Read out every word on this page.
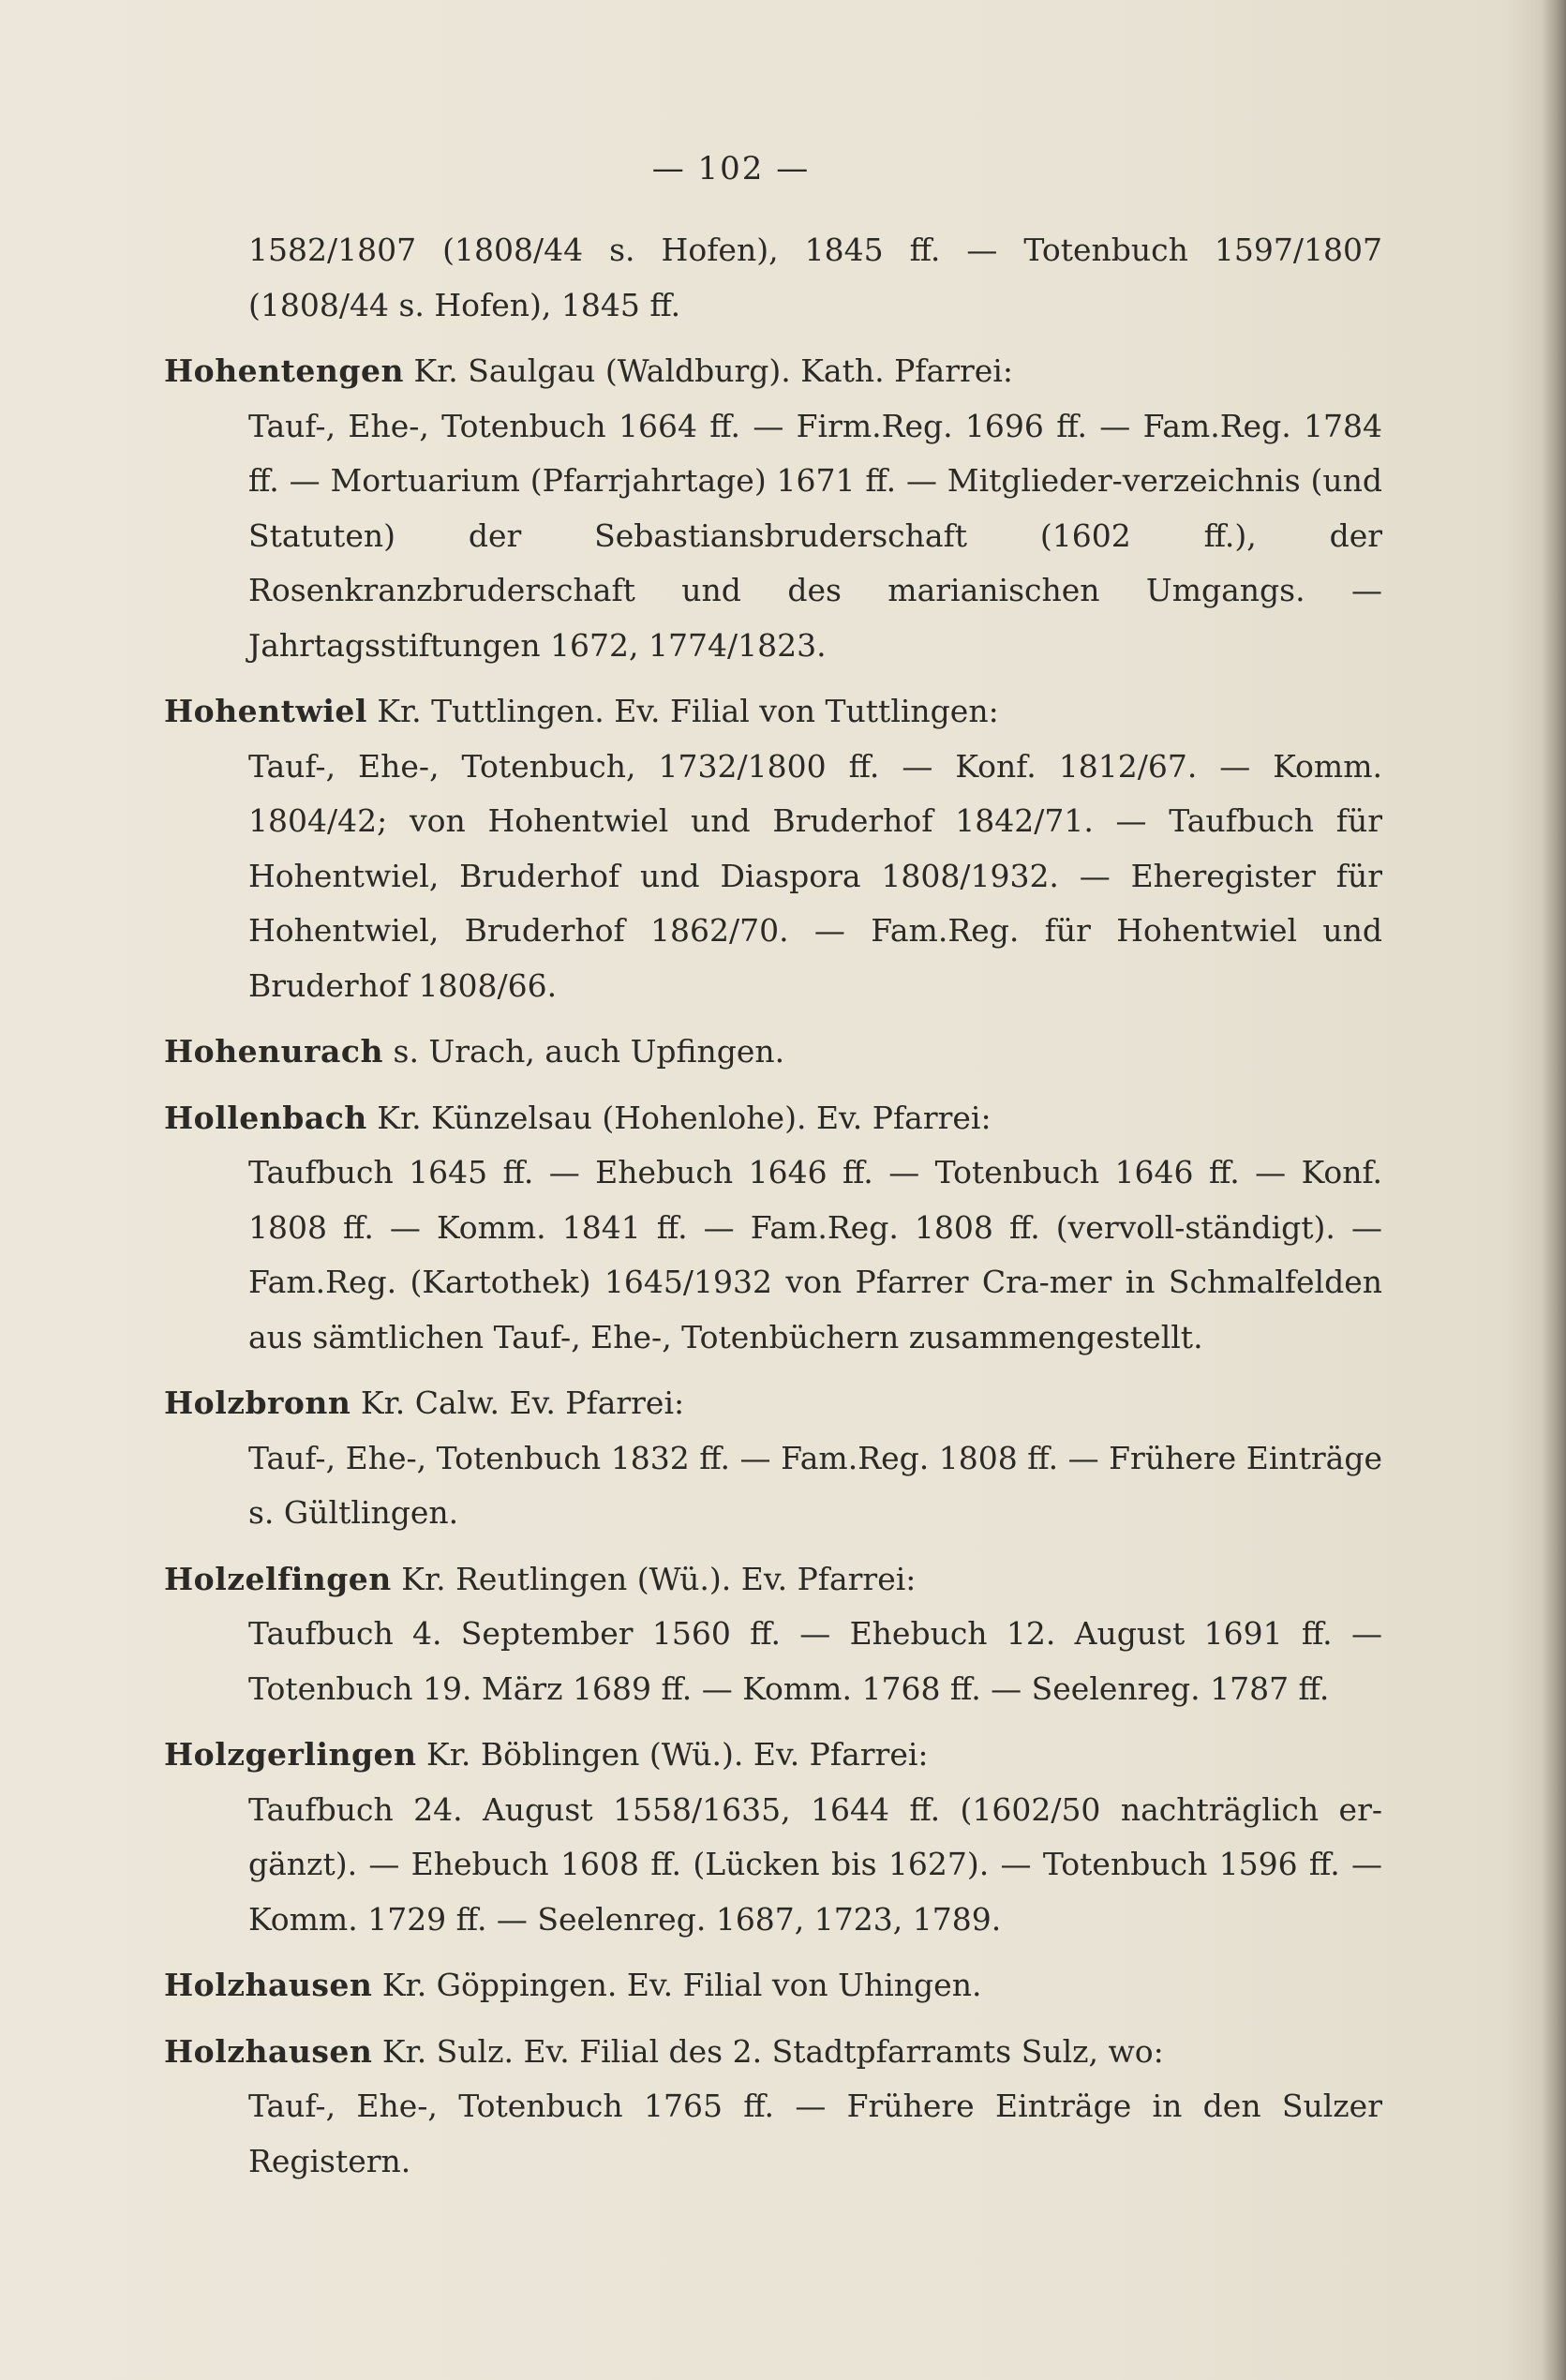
— 102 —
1582/1807 (1808/44 s. Hofen), 1845 ff. — Totenbuch 1597/1807 (1808/44 s. Hofen), 1845 ff.
Hohentengen Kr. Saulgau (Waldburg). Kath. Pfarrei:
Tauf-, Ehe-, Totenbuch 1664 ff. — Firm.Reg. 1696 ff. — Fam.Reg. 1784 ff. — Mortuarium (Pfarrjahrtage) 1671 ff. — Mitglieder-verzeichnis (und Statuten) der Sebastiansbruderschaft (1602 ff.), der Rosenkranzbruderschaft und des marianischen Umgangs. — Jahrtagsstiftungen 1672, 1774/1823.
Hohentwiel Kr. Tuttlingen. Ev. Filial von Tuttlingen:
Tauf-, Ehe-, Totenbuch, 1732/1800 ff. — Konf. 1812/67. — Komm. 1804/42; von Hohentwiel und Bruderhof 1842/71. — Taufbuch für Hohentwiel, Bruderhof und Diaspora 1808/1932. — Eheregister für Hohentwiel, Bruderhof 1862/70. — Fam.Reg. für Hohentwiel und Bruderhof 1808/66.
Hohenurach s. Urach, auch Upfingen.
Hollenbach Kr. Künzelsau (Hohenlohe). Ev. Pfarrei:
Taufbuch 1645 ff. — Ehebuch 1646 ff. — Totenbuch 1646 ff. — Konf. 1808 ff. — Komm. 1841 ff. — Fam.Reg. 1808 ff. (vervoll-ständigt). — Fam.Reg. (Kartothek) 1645/1932 von Pfarrer Cra-mer in Schmalfelden aus sämtlichen Tauf-, Ehe-, Totenbüchern zusammengestellt.
Holzbronn Kr. Calw. Ev. Pfarrei:
Tauf-, Ehe-, Totenbuch 1832 ff. — Fam.Reg. 1808 ff. — Frühere Einträge s. Gültlingen.
Holzelfingen Kr. Reutlingen (Wü.). Ev. Pfarrei:
Taufbuch 4. September 1560 ff. — Ehebuch 12. August 1691 ff. — Totenbuch 19. März 1689 ff. — Komm. 1768 ff. — Seelenreg. 1787 ff.
Holzgerlingen Kr. Böblingen (Wü.). Ev. Pfarrei:
Taufbuch 24. August 1558/1635, 1644 ff. (1602/50 nachträglich er-gänzt). — Ehebuch 1608 ff. (Lücken bis 1627). — Totenbuch 1596 ff. — Komm. 1729 ff. — Seelenreg. 1687, 1723, 1789.
Holzhausen Kr. Göppingen. Ev. Filial von Uhingen.
Holzhausen Kr. Sulz. Ev. Filial des 2. Stadtpfarramts Sulz, wo:
Tauf-, Ehe-, Totenbuch 1765 ff. — Frühere Einträge in den Sulzer Registern.
